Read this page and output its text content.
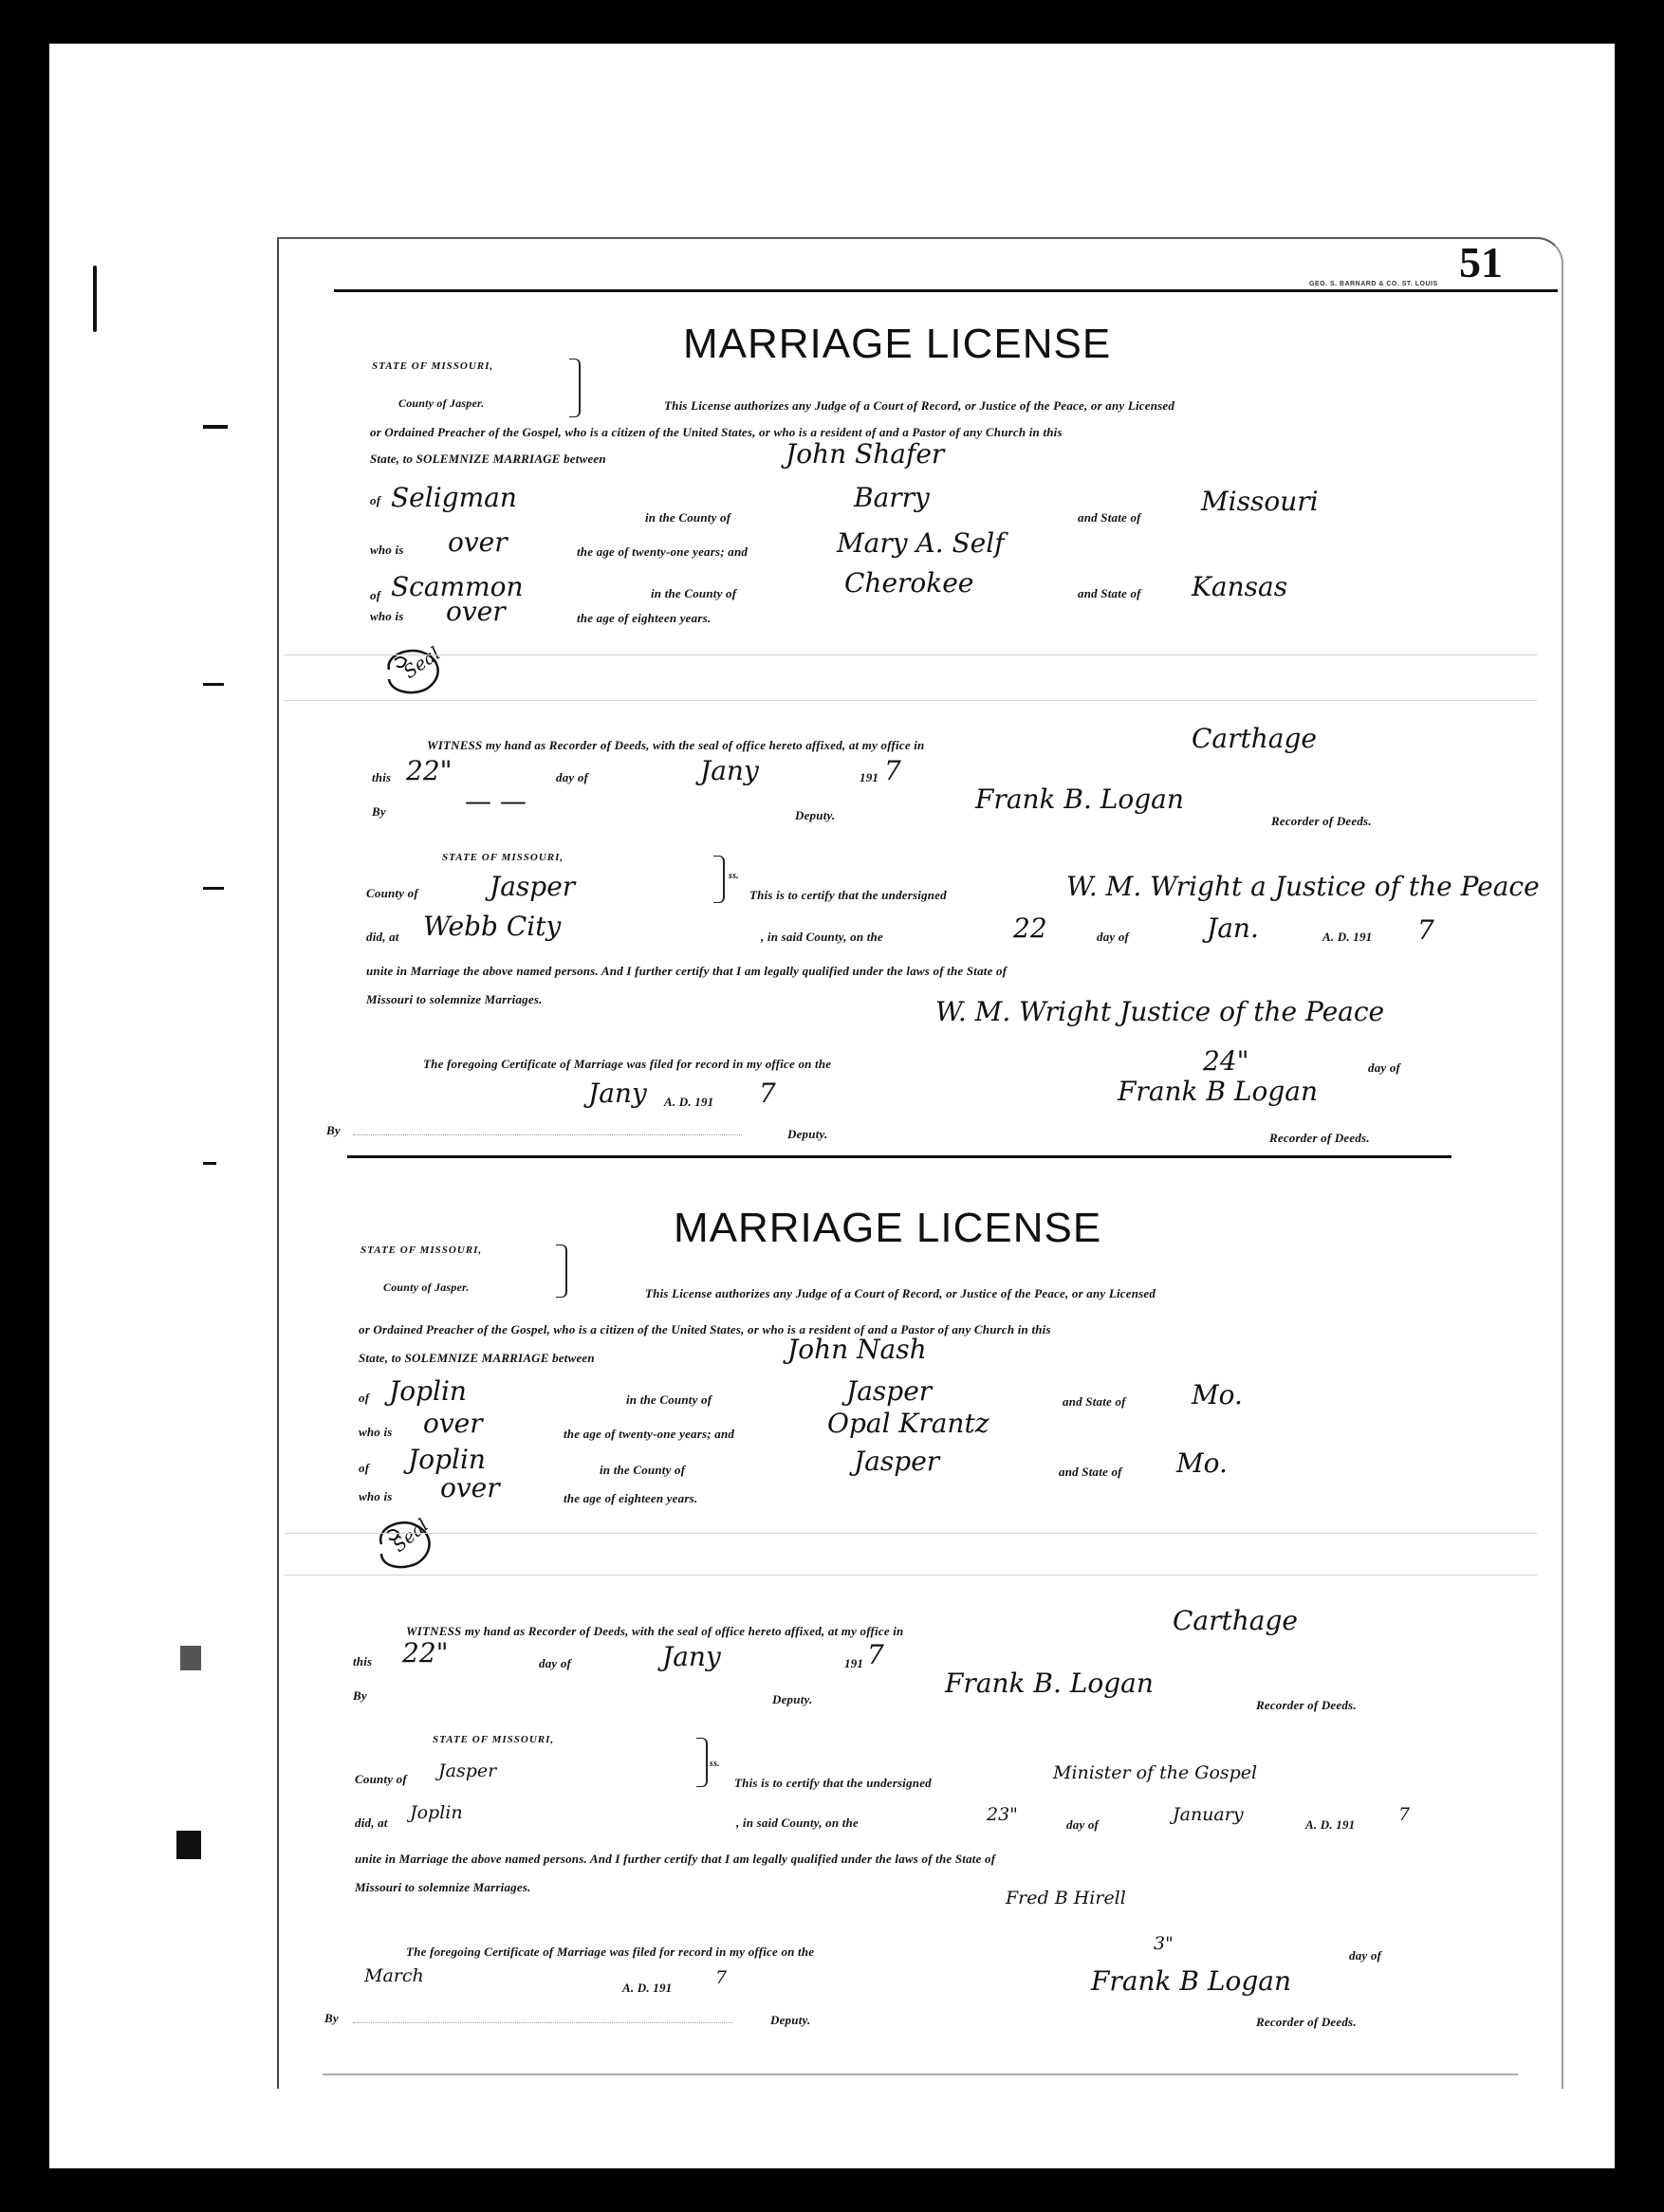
51
GEO. S. BARNARD & CO. ST. LOUIS
MARRIAGE LICENSE
STATE OF MISSOURI,
County of Jasper.	This License authorizes any Judge of a Court of Record, or Justice of the Peace, or any Licensed
or Ordained Preacher of the Gospel, who is a citizen of the United States, or who is a resident of and a Pastor of any Church in this
State, to SOLEMNIZE MARRIAGE between	John Shafer
of Seligman
in the County of
Barry
and State of
Missouri
who is over	the age of twenty-one years; and	Mary A. Self
of Scammon	in the County of	Cherokee	and State of Kansas
who is over	the age of eighteen years.
Seal
WITNESS my hand as Recorder of Deeds, with the seal of office hereto affixed, at my office in	Carthage
this 22"	day of	Jany	191 7
By	— —	Deputy.
Frank B. Logan
Recorder of Deeds.
STATE OF MISSOURI,
ss.
County of	Jasper	This is to certify that the undersigned	W. M. Wright a Justice of the Peace
did, at Webb City	, in said County, on the	22	day of	Jan.	A. D. 191 7
unite in Marriage the above named persons. And I further certify that I am legally qualified under the laws of the State of
Missouri to solemnize Marriages.	W. M. Wright Justice of the Peace
The foregoing Certificate of Marriage was filed for record in my office on the	24"	day of
Jany A. D. 191 7	Frank B Logan
By	Deputy.	Recorder of Deeds.
MARRIAGE LICENSE
STATE OF MISSOURI,
County of Jasper.	This License authorizes any Judge of a Court of Record, or Justice of the Peace, or any Licensed
or Ordained Preacher of the Gospel, who is a citizen of the United States, or who is a resident of and a Pastor of any Church in this
State, to SOLEMNIZE MARRIAGE between	John Nash
of Joplin	in the County of	Jasper	and State of Mo.
who is over	the age of twenty-one years; and	Opal Krantz
of Joplin	in the County of	Jasper	and State of Mo.
who is over	the age of eighteen years.
Seal
WITNESS my hand as Recorder of Deeds, with the seal of office hereto affixed, at my office in	Carthage
this 22"	day of	Jany	191 7
By	Deputy.
Frank B. Logan
Recorder of Deeds.
STATE OF MISSOURI,
ss.
County of Jasper
This is to certify that the undersigned	Minister of the Gospel
did, at Joplin	, in said County, on the	23"	day of	January	A. D. 191 7
unite in Marriage the above named persons. And I further certify that I am legally qualified under the laws of the State of
Missouri to solemnize Marriages.
Fred B Hirell
The foregoing Certificate of Marriage was filed for record in my office on the	3"
day of
March
A. D. 191 7	Frank B Logan
By	Deputy.	Recorder of Deeds.
